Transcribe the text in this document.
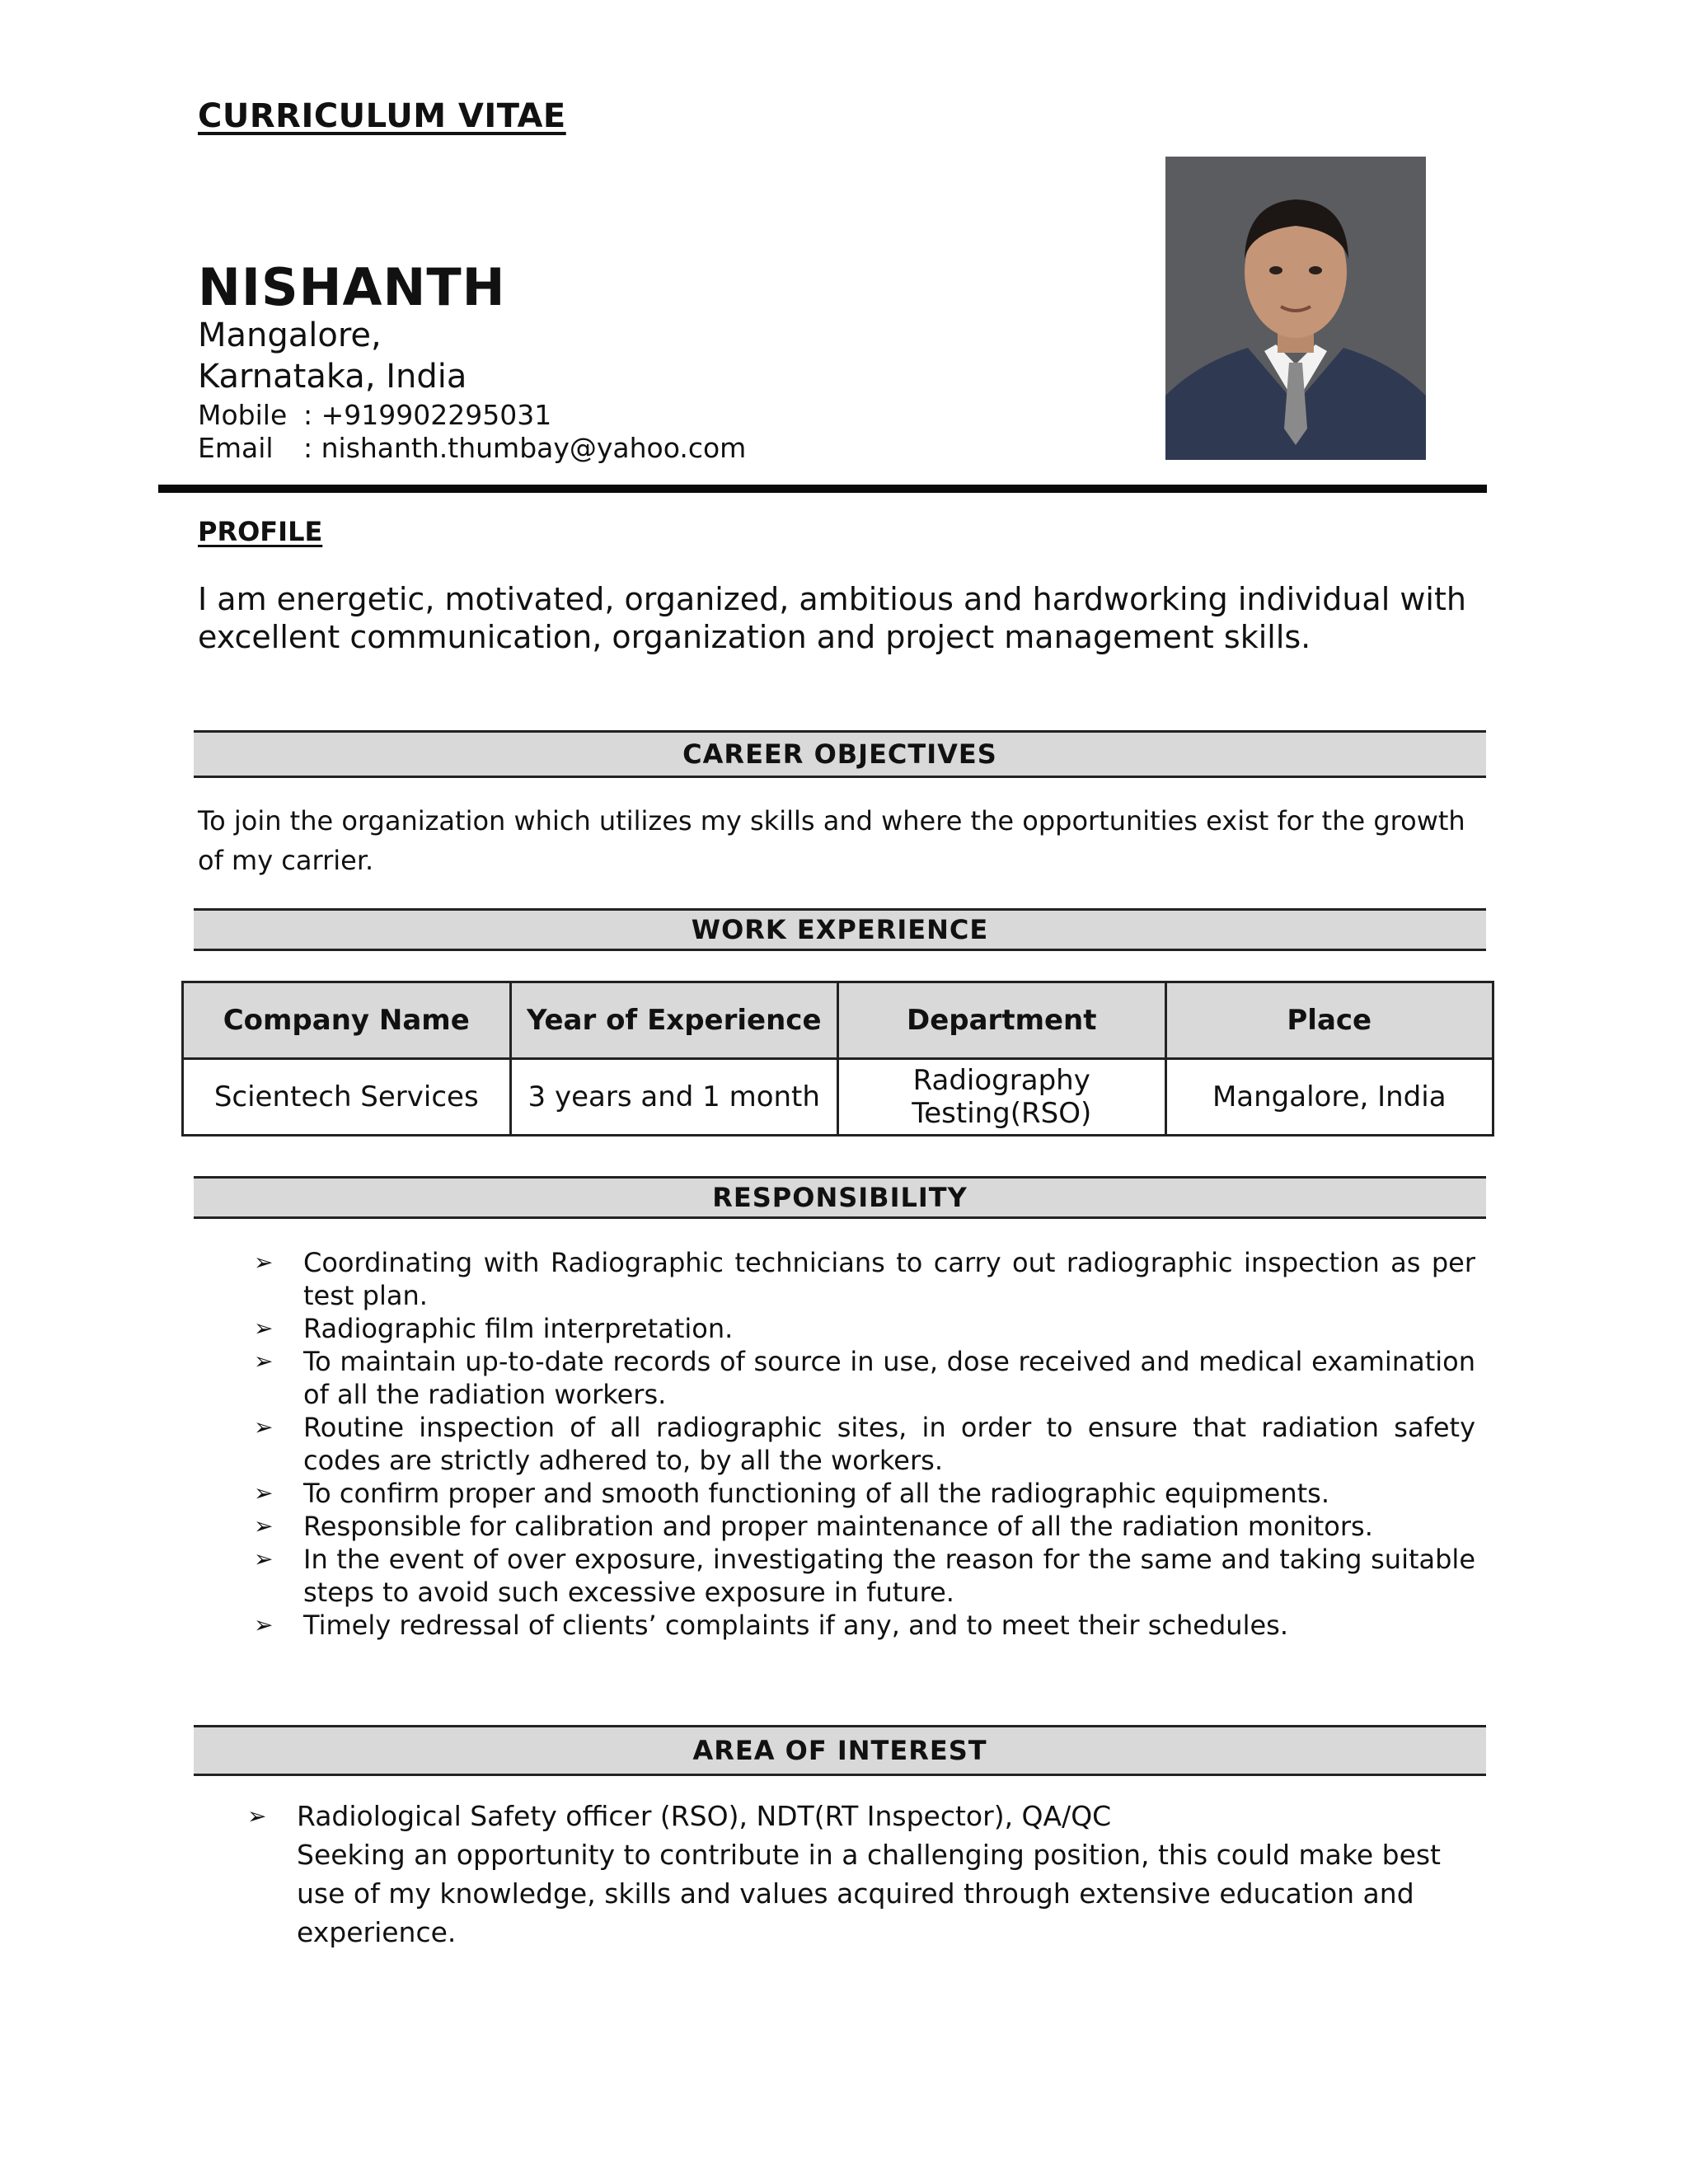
CURRICULUM VITAE
NISHANTH
Mangalore,
Karnataka, India
Mobile : +919902295031
Email : nishanth.thumbay@yahoo.com
PROFILE
I am energetic, motivated, organized, ambitious and hardworking individual with excellent communication, organization and project management skills.
CAREER OBJECTIVES
To join the organization which utilizes my skills and where the opportunities exist for the growth of my carrier.
WORK EXPERIENCE
Company Name	Year of Experience	Department	Place
Scientech Services	3 years and 1 month	Radiography Testing(RSO)	Mangalore, India
RESPONSIBILITY
➢ Coordinating with Radiographic technicians to carry out radiographic inspection as per test plan.
➢ Radiographic film interpretation.
➢ To maintain up-to-date records of source in use, dose received and medical examination of all the radiation workers.
➢ Routine inspection of all radiographic sites, in order to ensure that radiation safety codes are strictly adhered to, by all the workers.
➢ To confirm proper and smooth functioning of all the radiographic equipments.
➢ Responsible for calibration and proper maintenance of all the radiation monitors.
➢ In the event of over exposure, investigating the reason for the same and taking suitable steps to avoid such excessive exposure in future.
➢ Timely redressal of clients’ complaints if any, and to meet their schedules.
AREA OF INTEREST
➢ Radiological Safety officer (RSO), NDT(RT Inspector), QA/QC
Seeking an opportunity to contribute in a challenging position, this could make best use of my knowledge, skills and values acquired through extensive education and experience.
